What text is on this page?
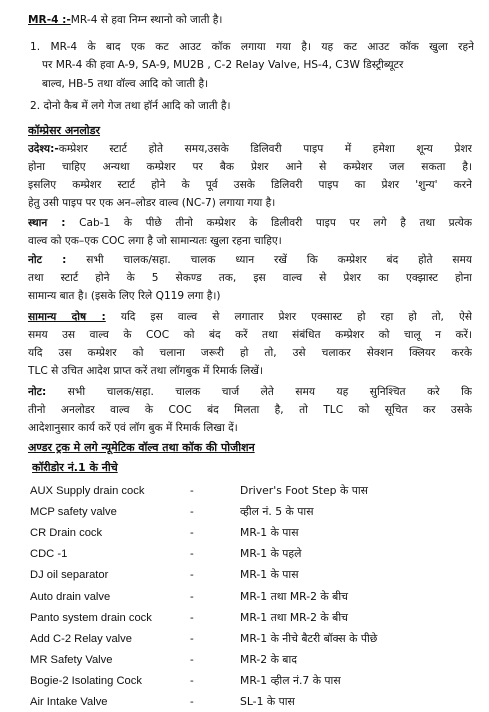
MR-4 :-MR-4 से हवा निम्न स्थानो को जाती है।
1. MR-4 के बाद एक कट आउट कॉक लगाया गया है। यह कट आउट कॉक खुला रहने
पर MR-4 की हवा A-9, SA-9, MU2B , C-2 Relay Valve, HS-4, C3W डिस्ट्रीब्यूटर
बाल्व, HB-5 तथा वॉल्व आदि को जाती है।
2. दोनो कैब में लगे गेज तथा हॉर्न आदि को जाती है।
कॉम्प्रेसर अनलोडर
उदेश्य:-कम्प्रेशर स्टार्ट होते समय,उसके डिलिवरी पाइप में हमेशा शून्य प्रेशर
होना चाहिए अन्यथा कम्प्रेशर पर बैक प्रेशर आने से कम्प्रेशर जल सकता है।
इसलिए कम्प्रेशर स्टार्ट होने के पूर्व उसके डिलिवरी पाइप का प्रेशर 'शुन्य' करने
हेतु उसी पाइप पर एक अन–लोडर वाल्व (NC-7) लगाया गया है।
स्थान : Cab-1 के पीछे तीनो कम्प्रेशर के डिलीवरी पाइप पर लगे है तथा प्रत्येक
वाल्व को एक–एक COC लगा है जो सामान्यतः खुला रहना चाहिए।
नोट : सभी चालक/सहा. चालक ध्यान रखें कि कम्प्रेशर बंद होते समय
तथा स्टार्ट होने के 5 सेकण्ड तक, इस वाल्व से प्रेशर का एक्झास्ट होना
सामान्य बात है। (इसके लिए रिले Q119 लगा है।)
सामान्य दोष : यदि इस वाल्व से लगातार प्रेशर एक्सास्ट हो रहा हो तो, ऐसे
समय उस वाल्व के COC को बंद करें तथा संबंधित कम्प्रेशर को चालू न करें।
यदि उस कम्प्रेशर को चलाना जरूरी हो तो, उसे चलाकर सेक्शन क्लियर करके
TLC से उचित आदेश प्राप्त करें तथा लॉगबुक में रिमार्क लिखें।
नोट: सभी चालक/सहा. चालक चार्ज लेते समय यह सुनिश्चित करे कि
तीनो अनलोडर वाल्व के COC बंद मिलता है, तो TLC को सूचित कर उसके
आदेशानुसार कार्य करें एवं लॉग बुक में रिमार्क लिखा दें।
अण्डर ट्रक मे लगे न्यूमेटिक वॉल्व तथा कॉक की पोजीशन
कॉरीडोर नं.1 के नीचे
AUX Supply drain cock	-	Driver's Foot Step के पास
MCP safety valve	-	व्हील नं. 5 के पास
CR Drain cock	-	MR-1 के पास
CDC -1	-	MR-1 के पहले
DJ oil separator	-	MR-1 के पास
Auto drain valve	-	MR-1 तथा MR-2 के बीच
Panto system drain cock	-	MR-1 तथा MR-2 के बीच
Add C-2 Relay valve	-	MR-1 के नीचे बैटरी बॉक्स के पीछे
MR Safety Valve	-	MR-2 के बाद
Bogie-2 Isolating Cock	-	MR-1 व्हील नं.7 के पास
Air Intake Valve	-	SL-1 के पास
